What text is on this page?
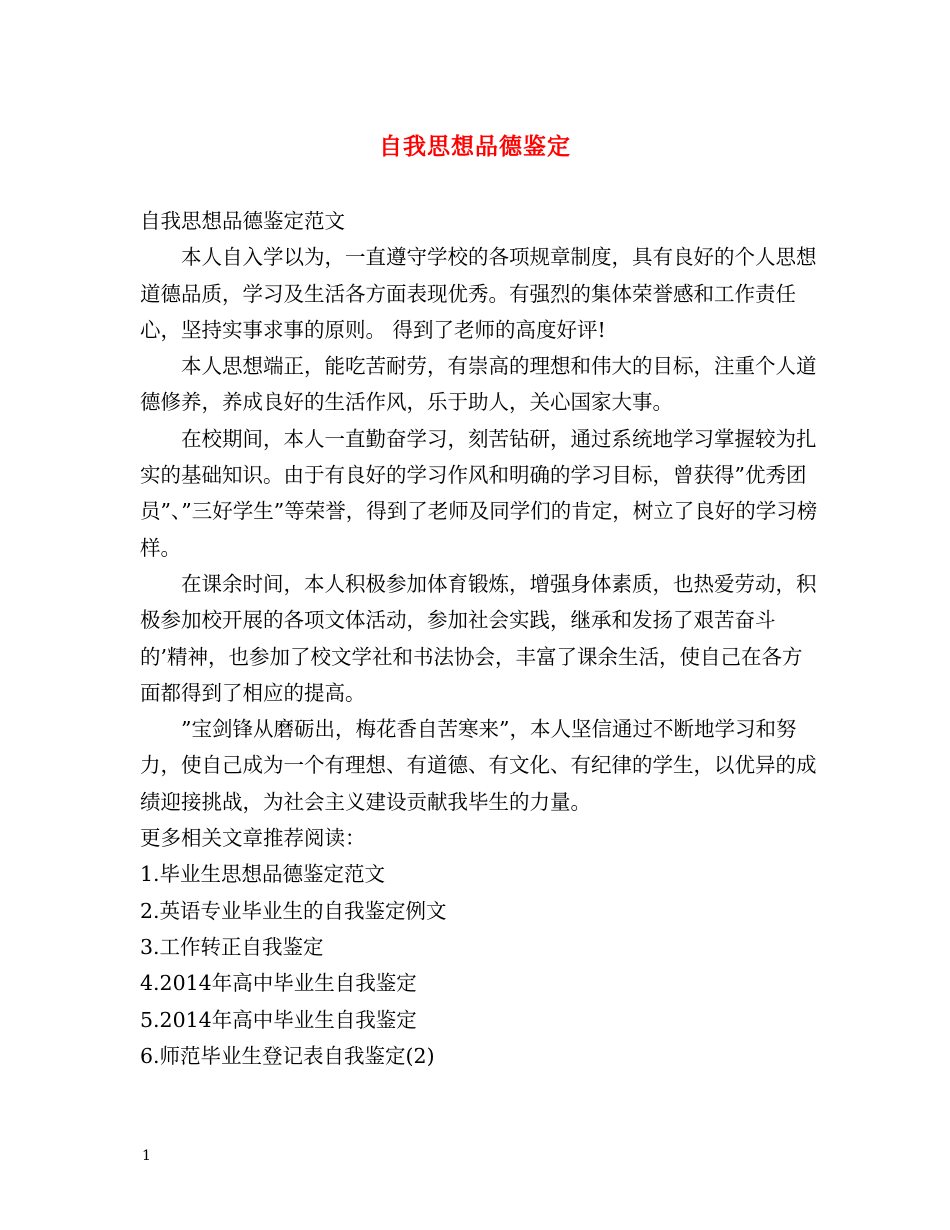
自我思想品德鉴定

自我思想品德鉴定范文

本人自入学以为，一直遵守学校的各项规章制度，具有良好的个人思想道德品质，学习及生活各方面表现优秀。有强烈的集体荣誉感和工作责任心，坚持实事求事的原则。 得到了老师的高度好评!

本人思想端正，能吃苦耐劳，有崇高的理想和伟大的目标，注重个人道德修养，养成良好的生活作风，乐于助人，关心国家大事。

在校期间，本人一直勤奋学习，刻苦钻研，通过系统地学习掌握较为扎实的基础知识。由于有良好的学习作风和明确的学习目标，曾获得”优秀团员”、”三好学生”等荣誉，得到了老师及同学们的肯定，树立了良好的学习榜样。

在课余时间，本人积极参加体育锻炼，增强身体素质，也热爱劳动，积极参加校开展的各项文体活动，参加社会实践，继承和发扬了艰苦奋斗的’精神，也参加了校文学社和书法协会，丰富了课余生活，使自己在各方面都得到了相应的提高。

”宝剑锋从磨砺出，梅花香自苦寒来”，本人坚信通过不断地学习和努力，使自己成为一个有理想、有道德、有文化、有纪律的学生，以优异的成绩迎接挑战，为社会主义建设贡献我毕生的力量。

更多相关文章推荐阅读：

1.毕业生思想品德鉴定范文

2.英语专业毕业生的自我鉴定例文

3.工作转正自我鉴定

4.2014年高中毕业生自我鉴定

5.2014年高中毕业生自我鉴定

6.师范毕业生登记表自我鉴定(2)

1
